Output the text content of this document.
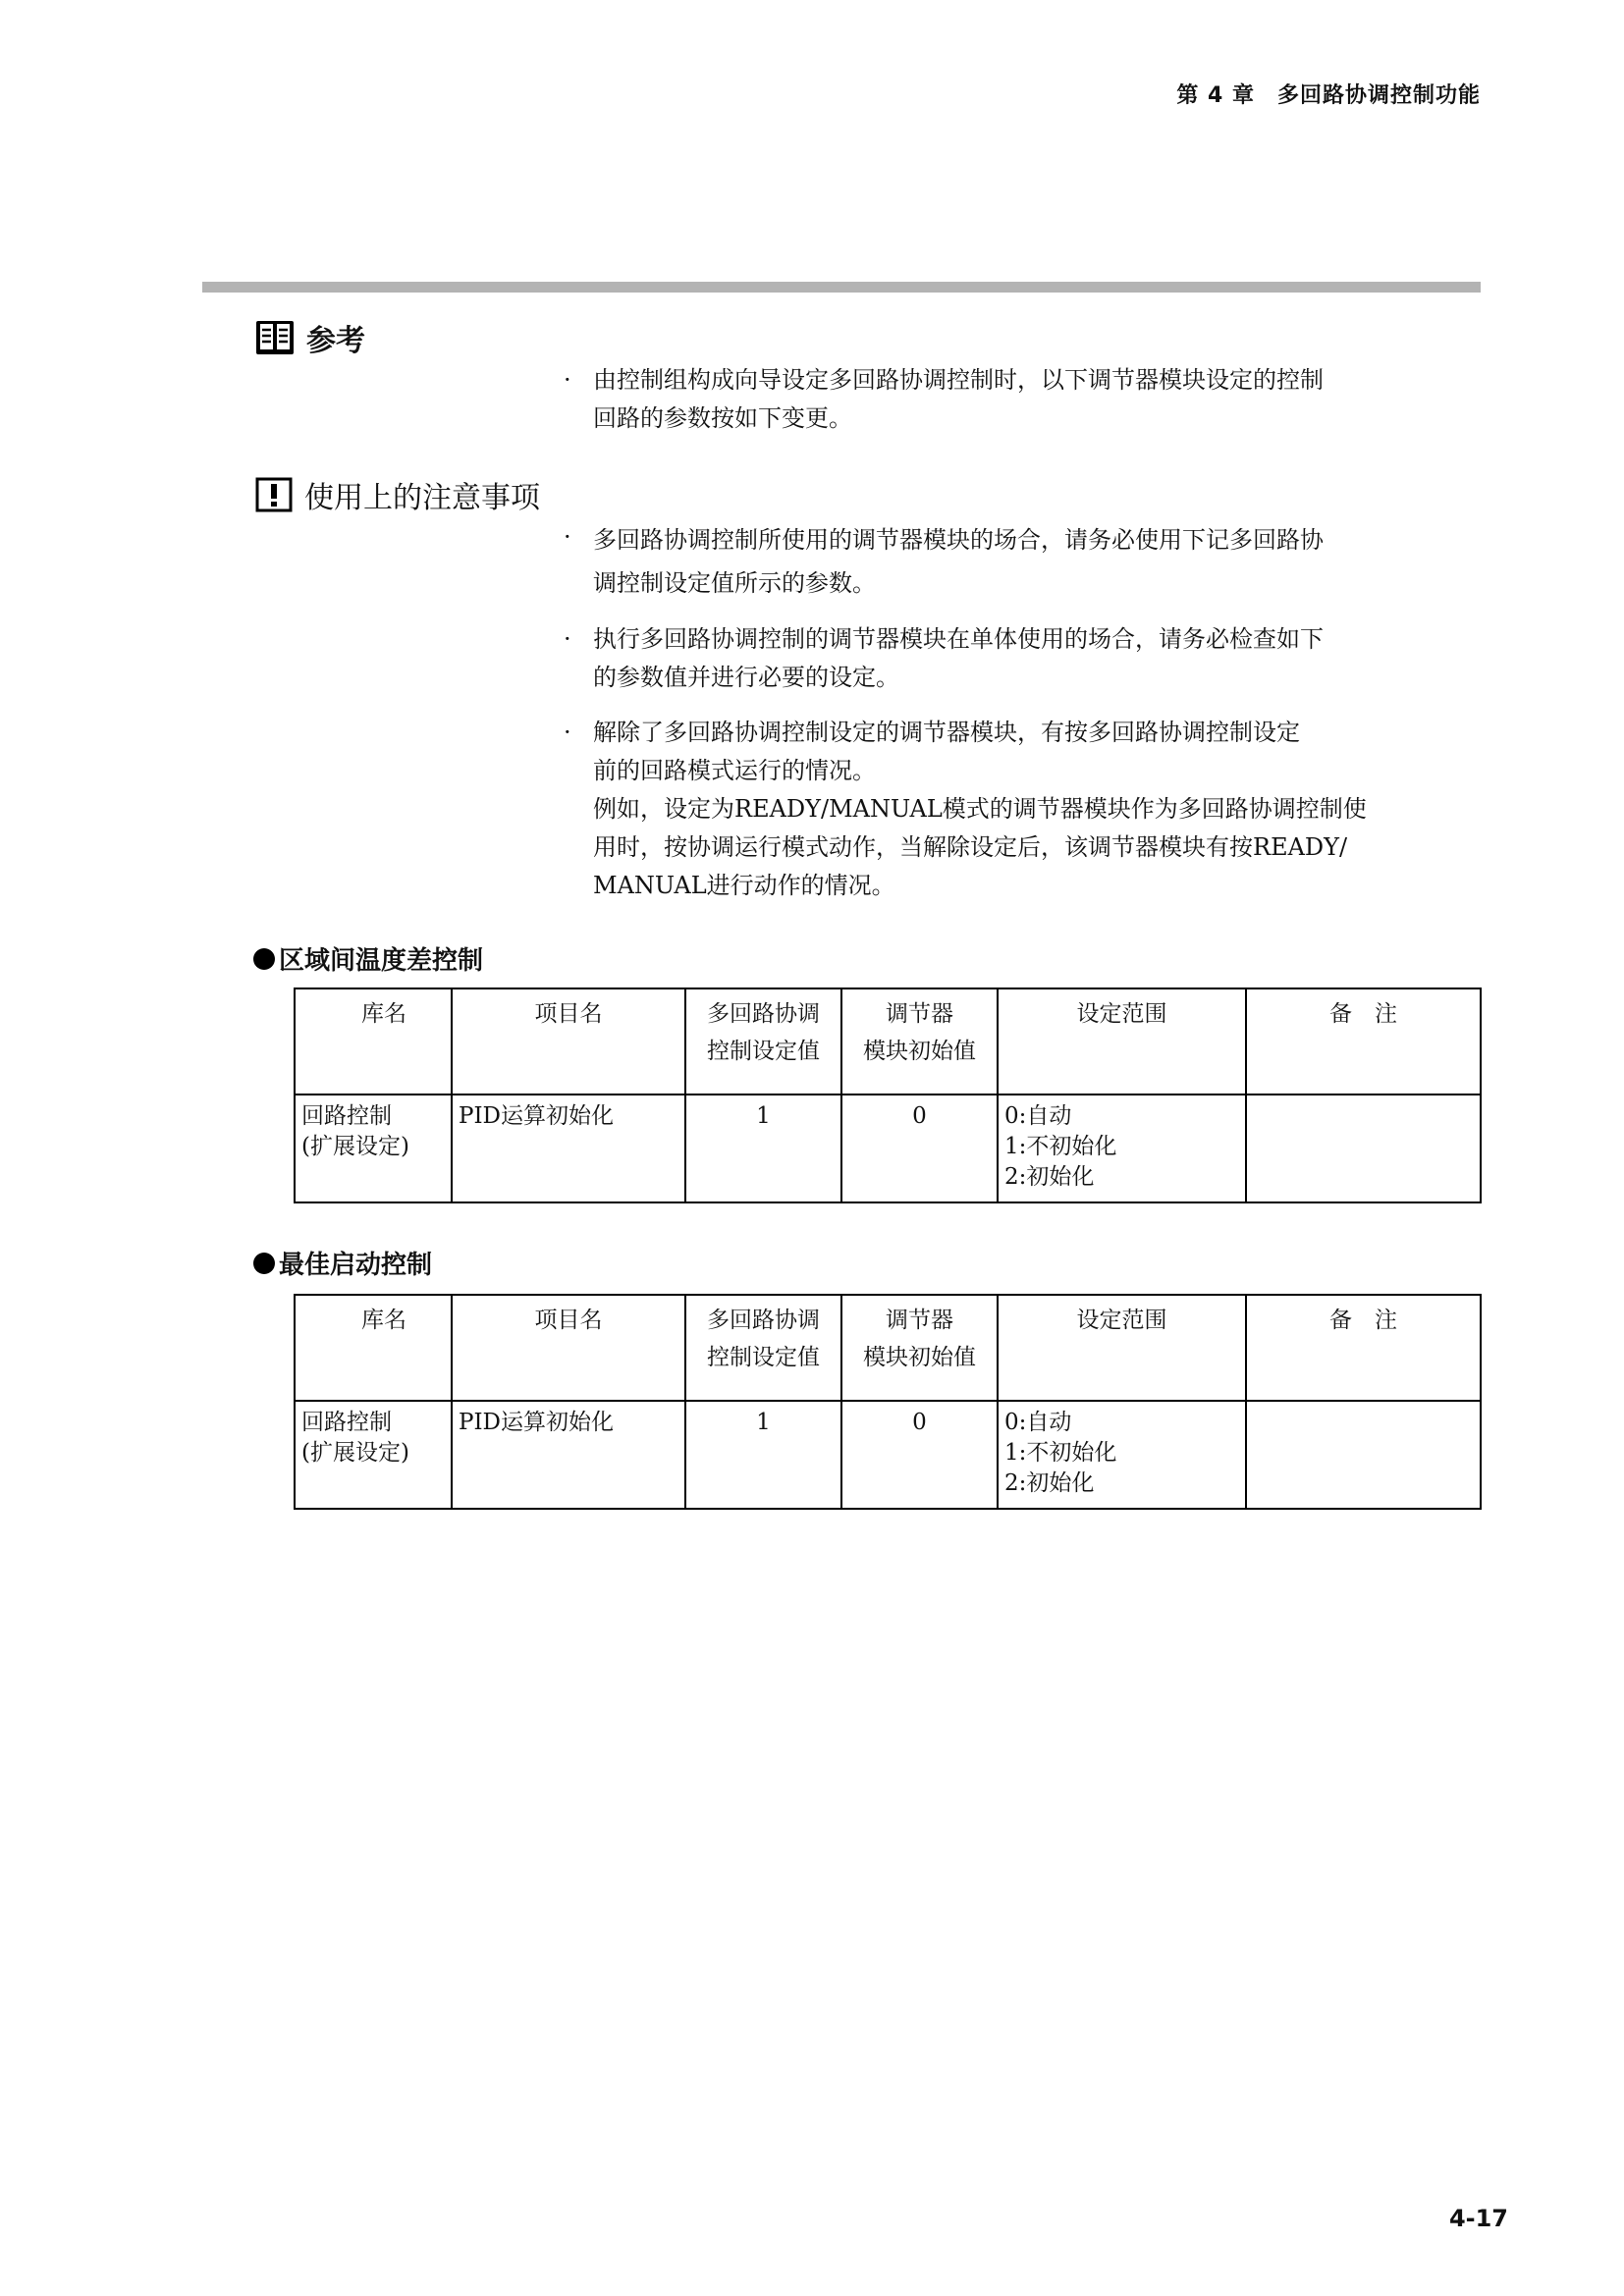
第 4 章　多回路协调控制功能
参考
· 由控制组构成向导设定多回路协调控制时，以下调节器模块设定的控制
回路的参数按如下变更。
使用上的注意事项
· 多回路协调控制所使用的调节器模块的场合，请务必使用下记多回路协
调控制设定值所示的参数。
· 执行多回路协调控制的调节器模块在单体使用的场合，请务必检查如下
的参数值并进行必要的设定。
· 解除了多回路协调控制设定的调节器模块，有按多回路协调控制设定
前的回路模式运行的情况。
例如，设定为READY/MANUAL模式的调节器模块作为多回路协调控制使
用时，按协调运行模式动作，当解除设定后，该调节器模块有按READY/
MANUAL进行动作的情况。
区域间温度差控制
库名	项目名	多回路协调
控制设定值	调节器
模块初始值	设定范围	备　注
回路控制
(扩展设定)	PID运算初始化	1	0	0:自动
1:不初始化
2:初始化	
最佳启动控制
库名	项目名	多回路协调
控制设定值	调节器
模块初始值	设定范围	备　注
回路控制
(扩展设定)	PID运算初始化	1	0	0:自动
1:不初始化
2:初始化	
4-17
